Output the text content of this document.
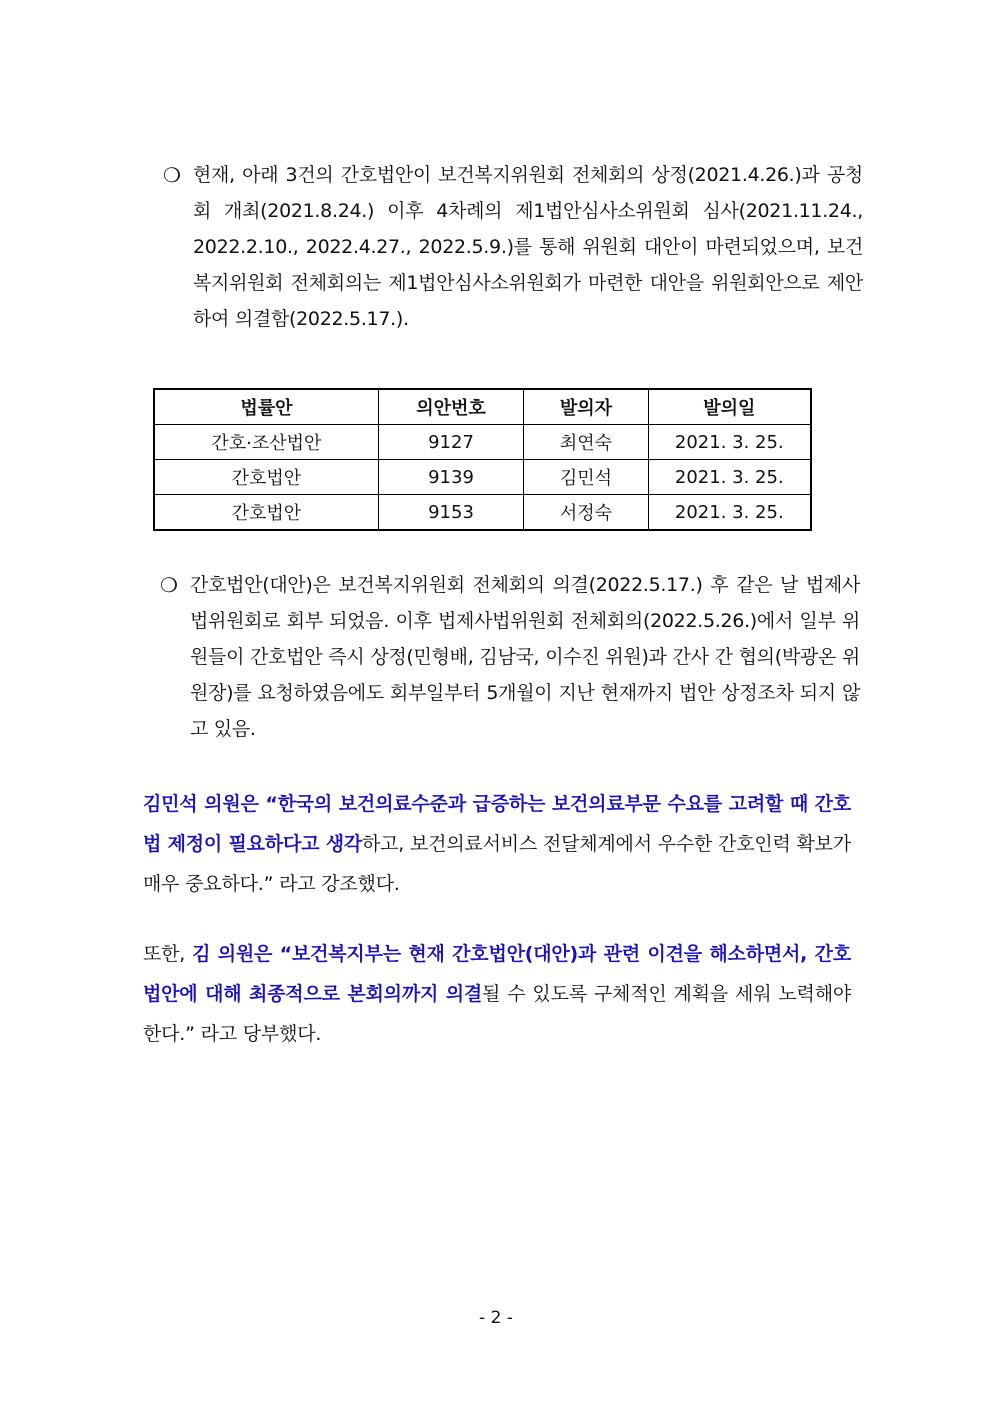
❍ 현재, 아래 3건의 간호법안이 보건복지위원회 전체회의 상정(2021.4.26.)과 공청회 개최(2021.8.24.) 이후 4차례의 제1법안심사소위원회 심사(2021.11.24., 2022.2.10., 2022.4.27., 2022.5.9.)를 통해 위원회 대안이 마련되었으며, 보건복지위원회 전체회의는 제1법안심사소위원회가 마련한 대안을 위원회안으로 제안하여 의결함(2022.5.17.).
법률안	의안번호	발의자	발의일
간호·조산법안	9127	최연숙	2021. 3. 25.
간호법안	9139	김민석	2021. 3. 25.
간호법안	9153	서정숙	2021. 3. 25.
❍ 간호법안(대안)은 보건복지위원회 전체회의 의결(2022.5.17.) 후 같은 날 법제사법위원회로 회부 되었음. 이후 법제사법위원회 전체회의(2022.5.26.)에서 일부 위원들이 간호법안 즉시 상정(민형배, 김남국, 이수진 위원)과 간사 간 협의(박광온 위원장)를 요청하였음에도 회부일부터 5개월이 지난 현재까지 법안 상정조차 되지 않고 있음.
김민석 의원은 “한국의 보건의료수준과 급증하는 보건의료부문 수요를 고려할 때 간호법 제정이 필요하다고 생각하고, 보건의료서비스 전달체계에서 우수한 간호인력 확보가 매우 중요하다.” 라고 강조했다.
또한, 김 의원은 “보건복지부는 현재 간호법안(대안)과 관련 이견을 해소하면서, 간호법안에 대해 최종적으로 본회의까지 의결될 수 있도록 구체적인 계획을 세워 노력해야 한다.” 라고 당부했다.
- 2 -
